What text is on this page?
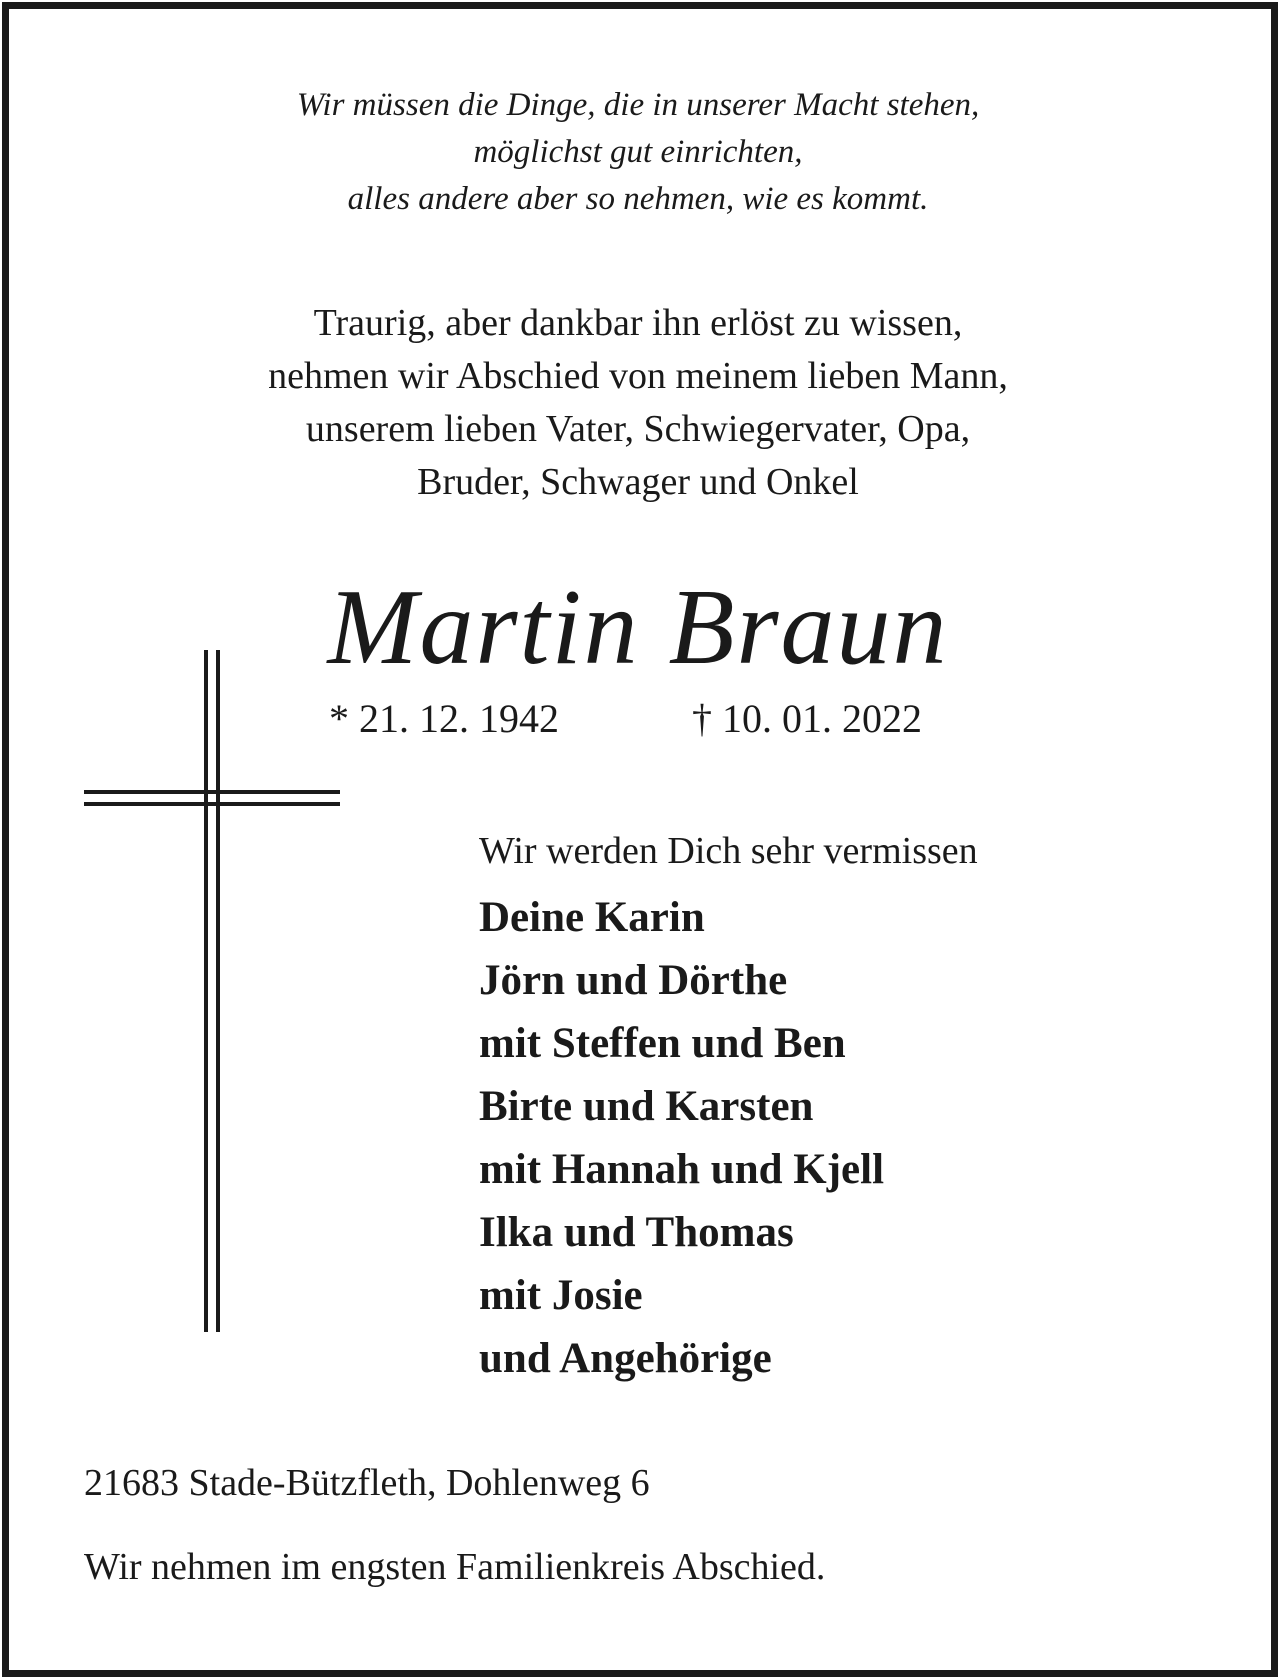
Wir müssen die Dinge, die in unserer Macht stehen,
möglichst gut einrichten,
alles andere aber so nehmen, wie es kommt.
Traurig, aber dankbar ihn erlöst zu wissen,
nehmen wir Abschied von meinem lieben Mann,
unserem lieben Vater, Schwiegervater, Opa,
Bruder, Schwager und Onkel
Martin Braun
* 21. 12. 1942	† 10. 01. 2022
Wir werden Dich sehr vermissen
Deine Karin
Jörn und Dörthe
mit Steffen und Ben
Birte und Karsten
mit Hannah und Kjell
Ilka und Thomas
mit Josie
und Angehörige
21683 Stade-Bützfleth, Dohlenweg 6
Wir nehmen im engsten Familienkreis Abschied.
